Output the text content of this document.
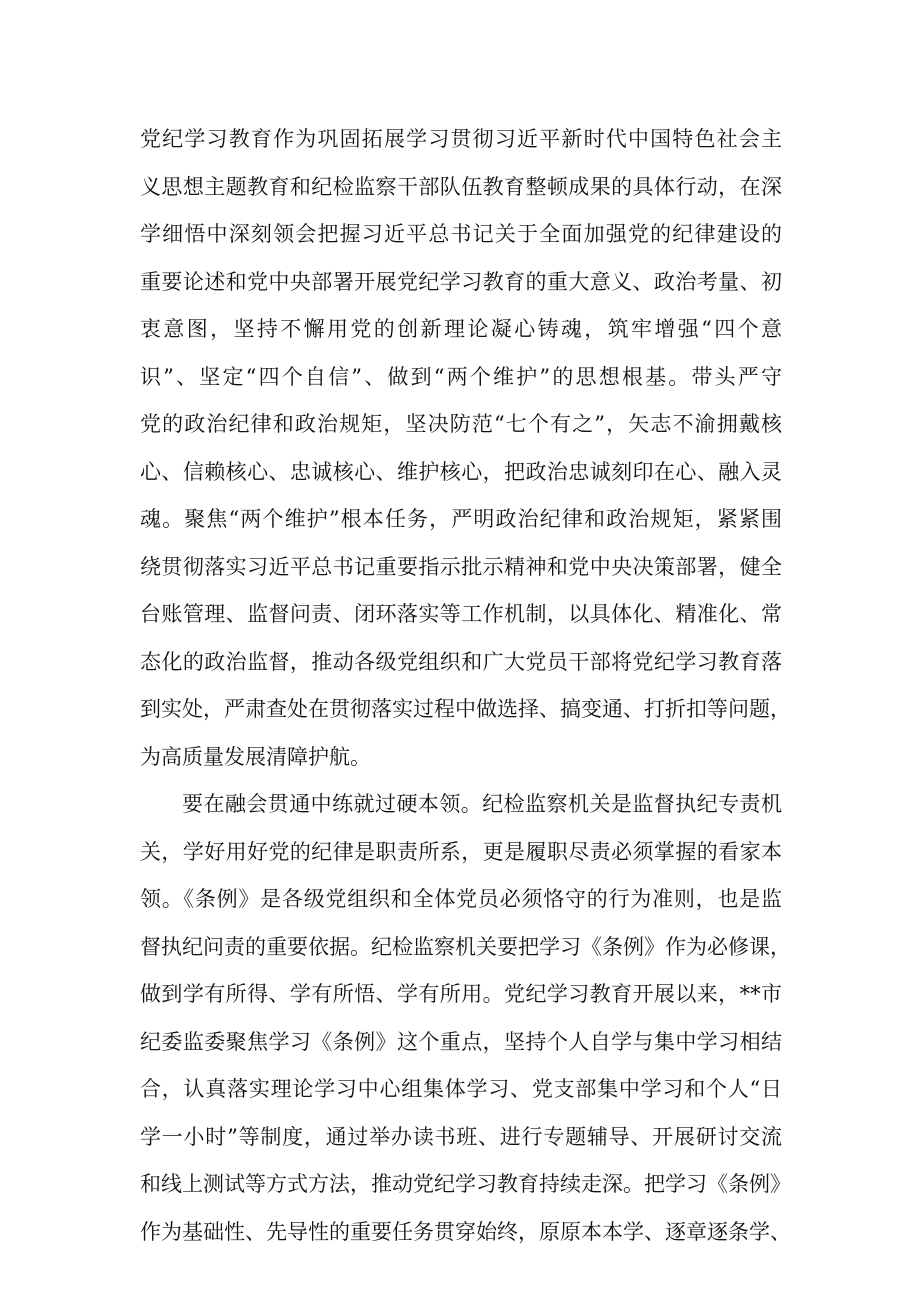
党纪学习教育作为巩固拓展学习贯彻习近平新时代中国特色社会主
义思想主题教育和纪检监察干部队伍教育整顿成果的具体行动，在深
学细悟中深刻领会把握习近平总书记关于全面加强党的纪律建设的
重要论述和党中央部署开展党纪学习教育的重大意义、政治考量、初
衷意图，坚持不懈用党的创新理论凝心铸魂，筑牢增强“四个意
识”、坚定“四个自信”、做到“两个维护”的思想根基。带头严守
党的政治纪律和政治规矩，坚决防范“七个有之”，矢志不渝拥戴核
心、信赖核心、忠诚核心、维护核心，把政治忠诚刻印在心、融入灵
魂。聚焦“两个维护”根本任务，严明政治纪律和政治规矩，紧紧围
绕贯彻落实习近平总书记重要指示批示精神和党中央决策部署，健全
台账管理、监督问责、闭环落实等工作机制，以具体化、精准化、常
态化的政治监督，推动各级党组织和广大党员干部将党纪学习教育落
到实处，严肃查处在贯彻落实过程中做选择、搞变通、打折扣等问题，
为高质量发展清障护航。
要在融会贯通中练就过硬本领。纪检监察机关是监督执纪专责机
关，学好用好党的纪律是职责所系，更是履职尽责必须掌握的看家本
领。《条例》是各级党组织和全体党员必须恪守的行为准则，也是监
督执纪问责的重要依据。纪检监察机关要把学习《条例》作为必修课，
做到学有所得、学有所悟、学有所用。党纪学习教育开展以来，**市
纪委监委聚焦学习《条例》这个重点，坚持个人自学与集中学习相结
合，认真落实理论学习中心组集体学习、党支部集中学习和个人“日
学一小时”等制度，通过举办读书班、进行专题辅导、开展研讨交流
和线上测试等方式方法，推动党纪学习教育持续走深。把学习《条例》
作为基础性、先导性的重要任务贯穿始终，原原本本学、逐章逐条学、
